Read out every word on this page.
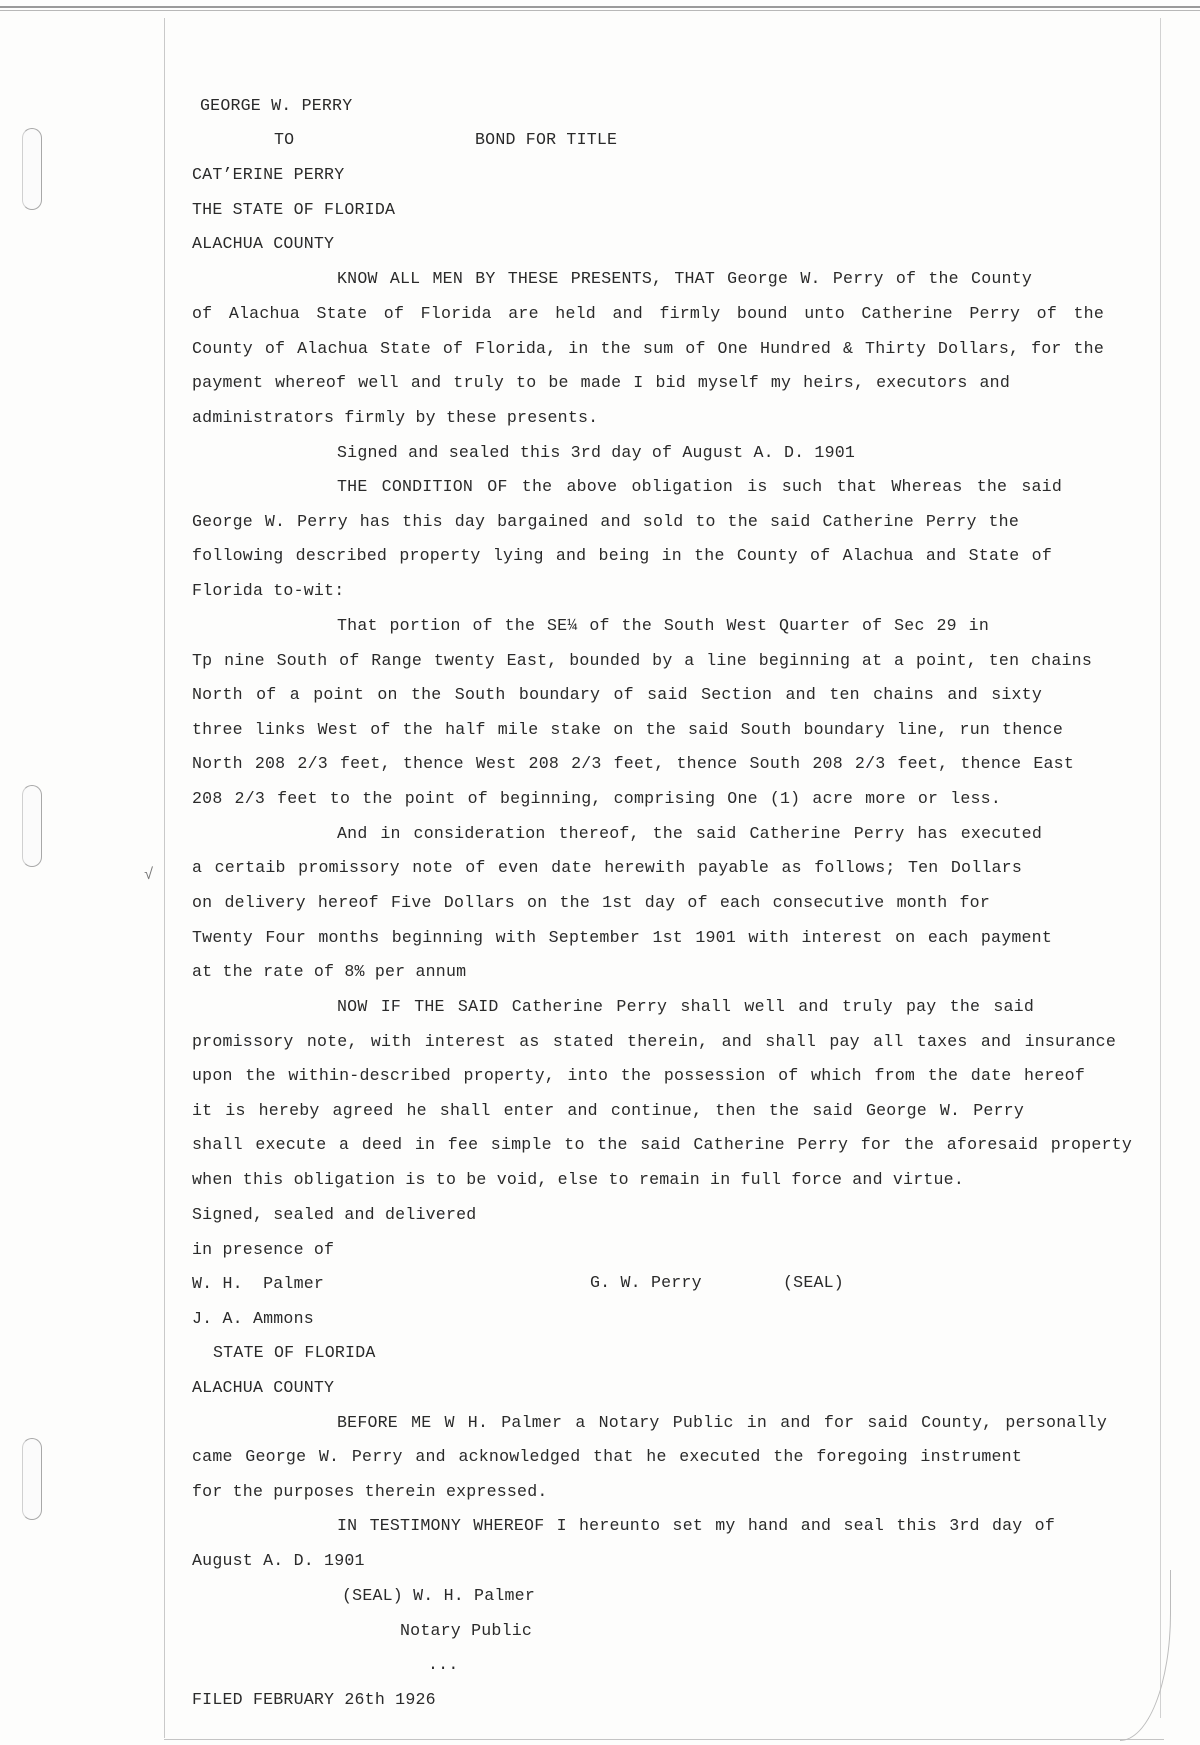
√
GEORGE W. PERRY
TO	BOND FOR TITLE
CAT’ERINE PERRY
THE STATE OF FLORIDA
ALACHUA COUNTY
KNOW ALL MEN BY THESE PRESENTS, THAT George W. Perry of the County
of Alachua State of Florida are held and firmly bound unto Catherine Perry of the
County of Alachua State of Florida, in the sum of One Hundred & Thirty Dollars, for the
payment whereof well and truly to be made I bid myself my heirs, executors and
administrators firmly by these presents.
Signed and sealed this 3rd day of August A. D. 1901
THE CONDITION OF the above obligation is such that Whereas the said
George W. Perry has this day bargained and sold to the said Catherine Perry the
following described property lying and being in the County of Alachua and State of
Florida to-wit:
That portion of the SE¼ of the South West Quarter of Sec 29 in
Tp nine South of Range twenty East, bounded by a line beginning at a point, ten chains
North of a point on the South boundary of said Section and ten chains and sixty
three links West of the half mile stake on the said South boundary line, run thence
North 208 2/3 feet, thence West 208 2/3 feet, thence South 208 2/3 feet, thence East
208 2/3 feet to the point of beginning, comprising One (1) acre more or less.
And in consideration thereof, the said Catherine Perry has executed
a certaib promissory note of even date herewith payable as follows; Ten Dollars
on delivery hereof Five Dollars on the 1st day of each consecutive month for
Twenty Four months beginning with September 1st 1901 with interest on each payment
at the rate of 8% per annum
NOW IF THE SAID Catherine Perry shall well and truly pay the said
promissory note, with interest as stated therein, and shall pay all taxes and insurance
upon the within-described property, into the possession of which from the date hereof
it is hereby agreed he shall enter and continue, then the said George W. Perry
shall execute a deed in fee simple to the said Catherine Perry for the aforesaid property
when this obligation is to be void, else to remain in full force and virtue.
Signed, sealed and delivered
in presence of
W. H.  Palmer	G. W. Perry	(SEAL)
J. A. Ammons
STATE OF FLORIDA
ALACHUA COUNTY
BEFORE ME W H. Palmer a Notary Public in and for said County, personally
came George W. Perry and acknowledged that he executed the foregoing instrument
for the purposes therein expressed.
IN TESTIMONY WHEREOF I hereunto set my hand and seal this 3rd day of
August A. D. 1901
(SEAL) W. H. Palmer
Notary Public
...
FILED FEBRUARY 26th 1926
